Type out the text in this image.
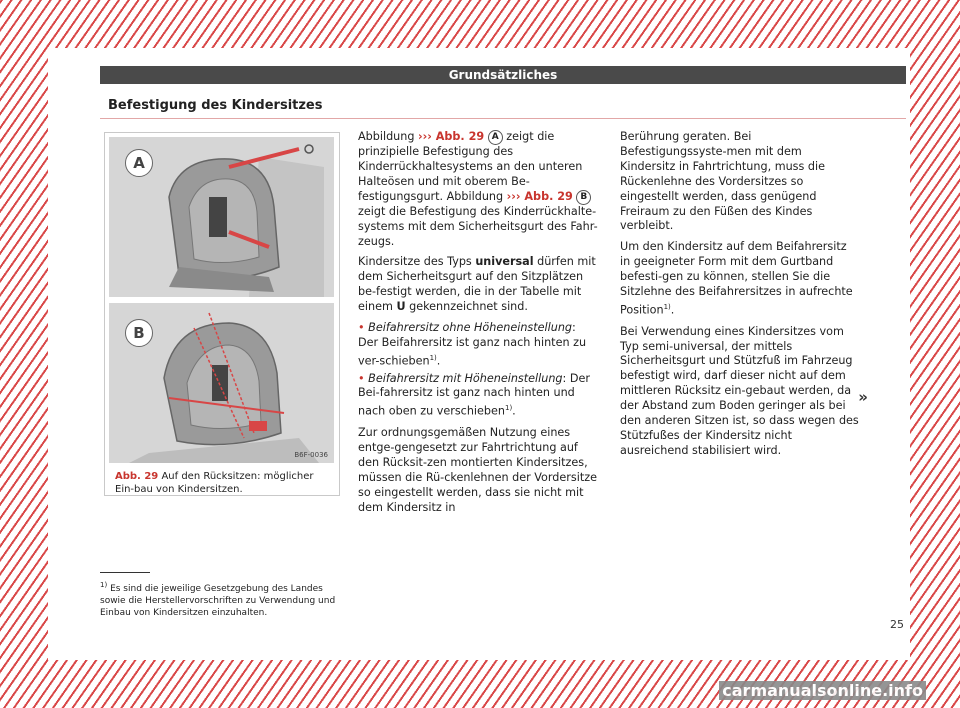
Grundsätzliches
Befestigung des Kindersitzes
A
B
B6F-0036
Abb. 29 Auf den Rücksitzen: möglicher Ein-bau von Kindersitzen.

Abbildung ››› Abb. 29 A zeigt die prinzipielle Befestigung des Kinderrückhaltesystems an den unteren Halteösen und mit oberem Be-festigungsgurt. Abbildung ››› Abb. 29 B zeigt die Befestigung des Kinderrückhalte-systems mit dem Sicherheitsgurt des Fahr-zeugs.

Kindersitze des Typs universal dürfen mit dem Sicherheitsgurt auf den Sitzplätzen be-festigt werden, die in der Tabelle mit einem U gekennzeichnet sind.

• Beifahrersitz ohne Höheneinstellung: Der Beifahrersitz ist ganz nach hinten zu ver-schieben$^{1)}$.

• Beifahrersitz mit Höheneinstellung: Der Bei-fahrersitz ist ganz nach hinten und nach oben zu verschieben$^{1)}$.

Zur ordnungsgemäßen Nutzung eines entge-gengesetzt zur Fahrtrichtung auf den Rücksit-zen montierten Kindersitzes, müssen die Rü-ckenlehnen der Vordersitze so eingestellt werden, dass sie nicht mit dem Kindersitz in

Berührung geraten. Bei Befestigungssyste-men mit dem Kindersitz in Fahrtrichtung, muss die Rückenlehne des Vordersitzes so eingestellt werden, dass genügend Freiraum zu den Füßen des Kindes verbleibt.

Um den Kindersitz auf dem Beifahrersitz in geeigneter Form mit dem Gurtband befesti-gen zu können, stellen Sie die Sitzlehne des Beifahrersitzes in aufrechte Position$^{1)}$.

Bei Verwendung eines Kindersitzes vom Typ semi-universal, der mittels Sicherheitsgurt und Stützfuß im Fahrzeug befestigt wird, darf dieser nicht auf dem mittleren Rücksitz ein-gebaut werden, da der Abstand zum Boden geringer als bei den anderen Sitzen ist, so dass wegen des Stützfußes der Kindersitz nicht ausreichend stabilisiert wird.

»
$^{1)}$ Es sind die jeweilige Gesetzgebung des Landes sowie die Herstellervorschriften zu Verwendung und Einbau von Kindersitzen einzuhalten.
25
carmanualsonline.info
